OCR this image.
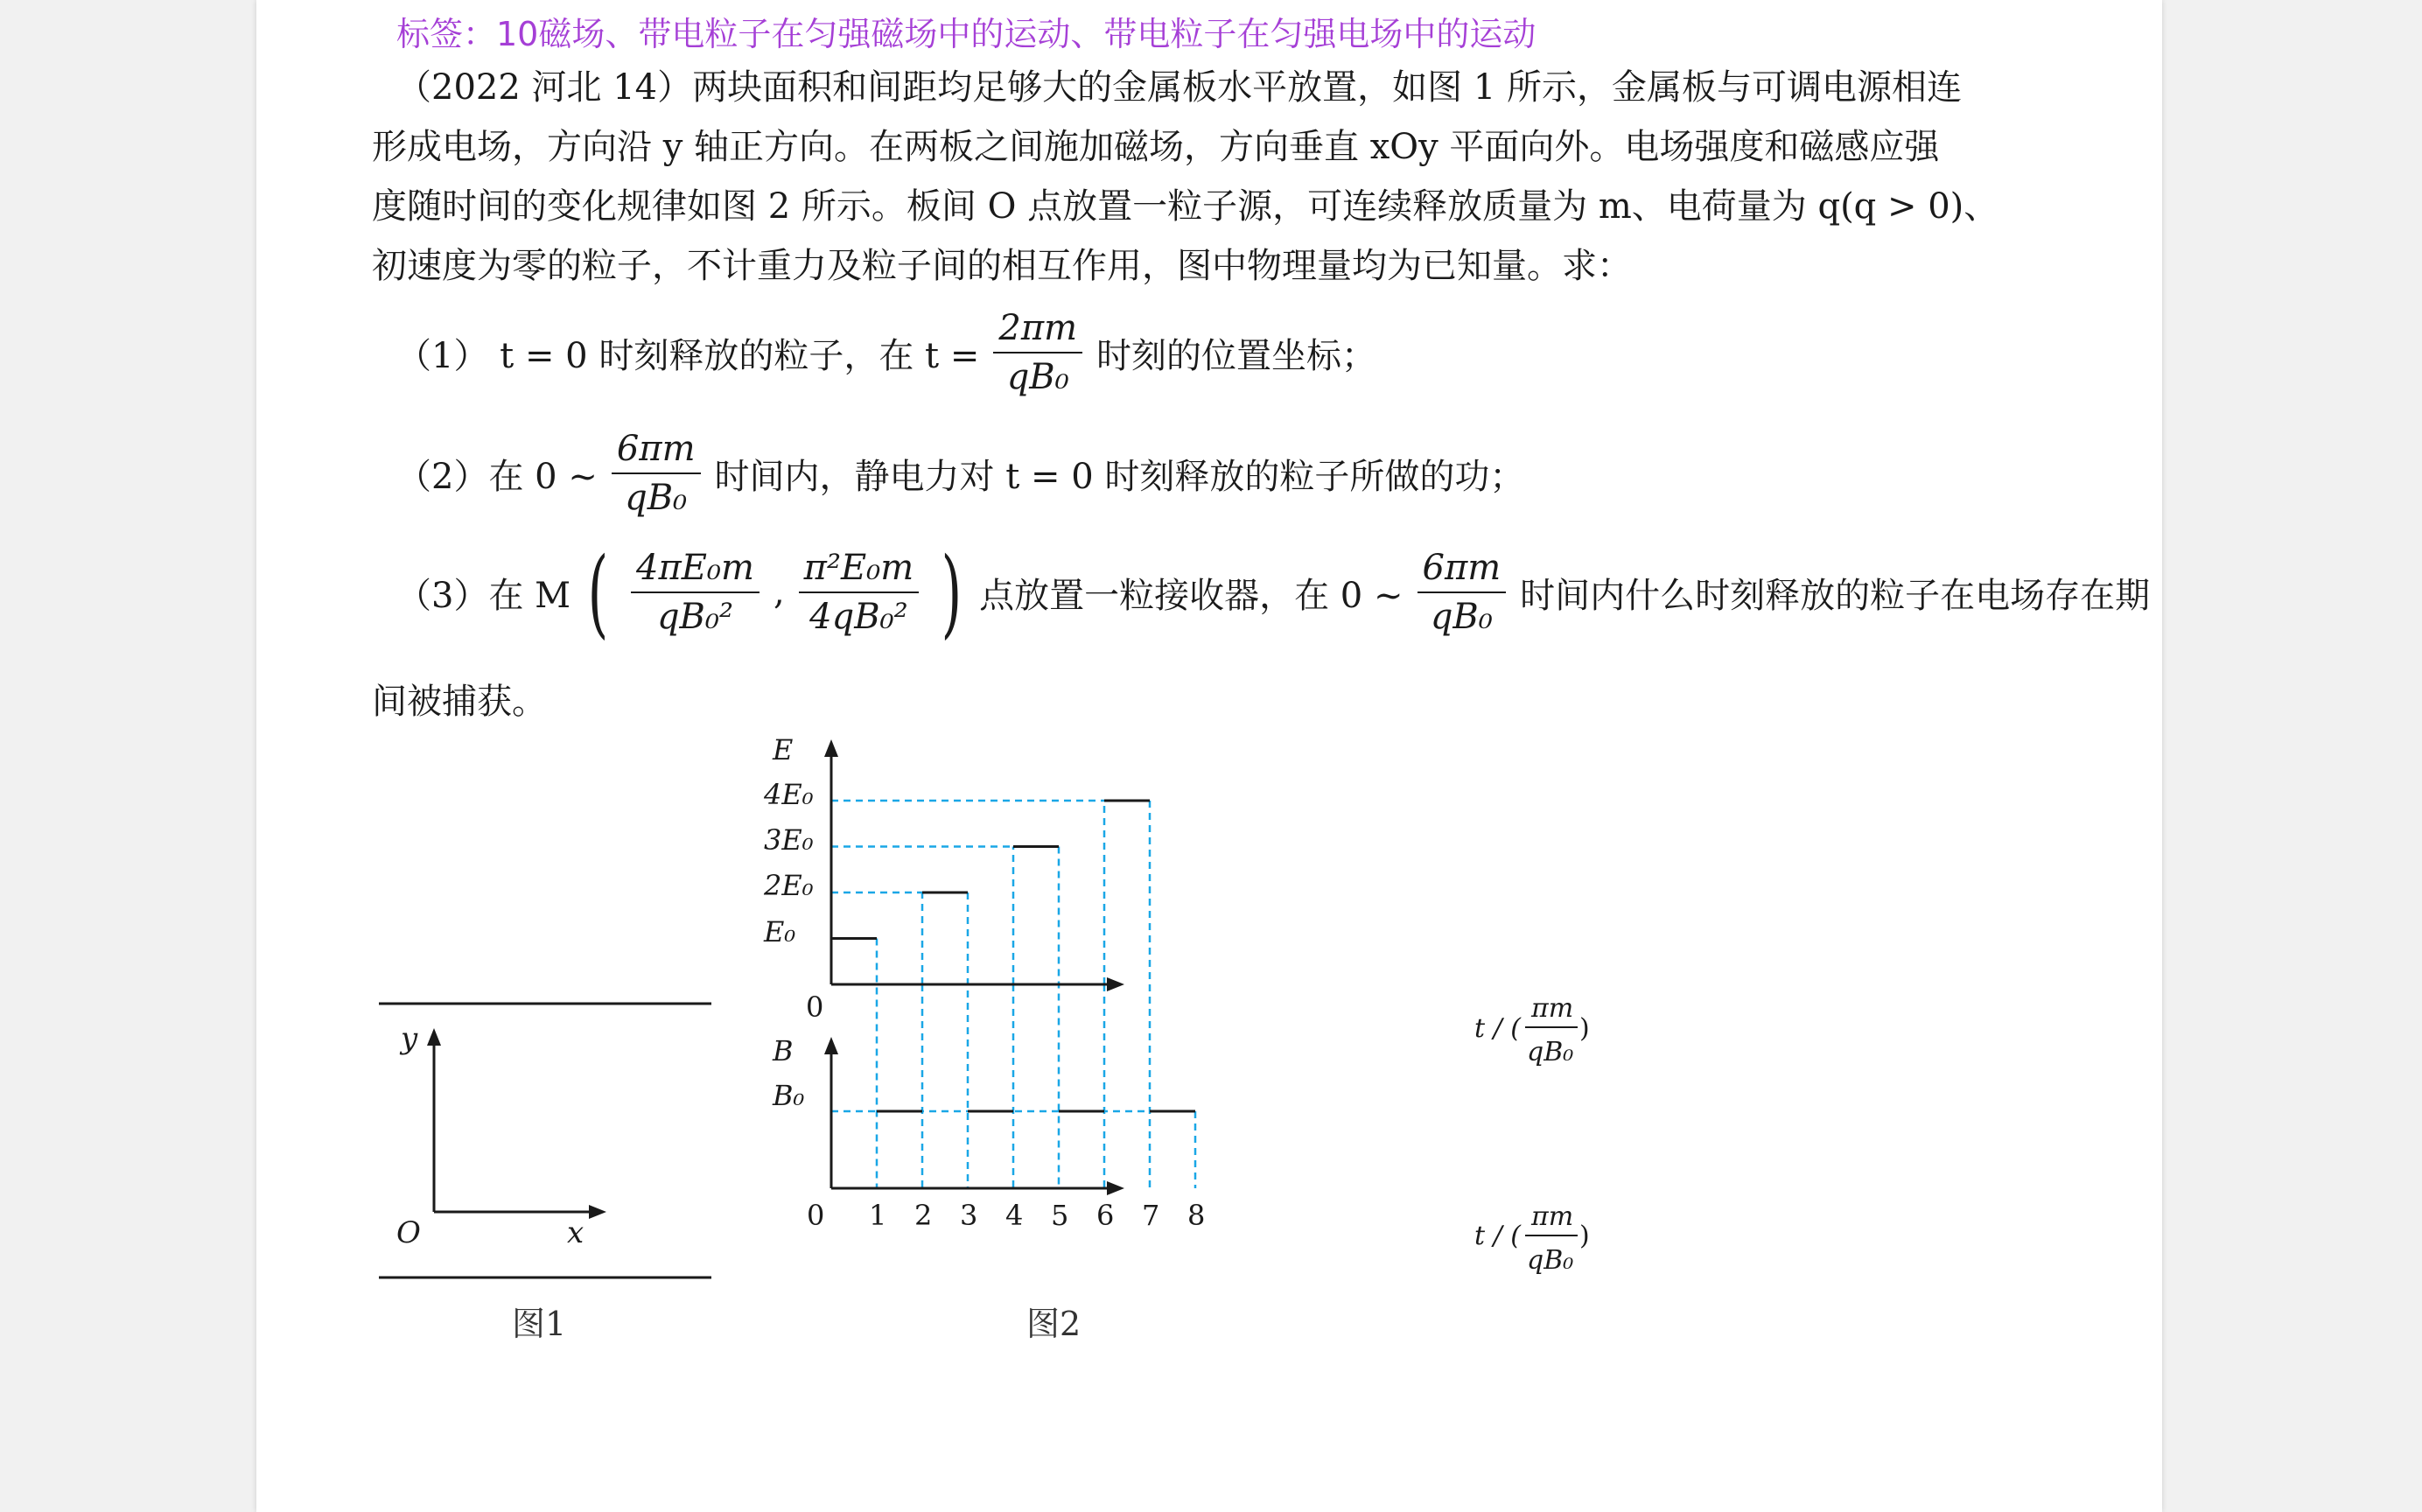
标签：10磁场、带电粒子在匀强磁场中的运动、带电粒子在匀强电场中的运动
（2022 河北 14）两块面积和间距均足够大的金属板水平放置，如图 1 所示，金属板与可调电源相连
形成电场，方向沿 y 轴正方向。在两板之间施加磁场，方向垂直 xOy 平面向外。电场强度和磁感应强
度随时间的变化规律如图 2 所示。板间 O 点放置一粒子源，可连续释放质量为 m、电荷量为 q(q > 0)、
初速度为零的粒子，不计重力及粒子间的相互作用，图中物理量均为已知量。求：
（1） t = 0 时刻释放的粒子，在 $t = \frac{2\pi m}{\text{qB₀}}$ 时刻的位置坐标；
（2）在 0 ~ $\frac{6\pi m}{\text{qB₀}}$ 时间内，静电力对 t = 0 时刻释放的粒子所做的功；
（3）在 M ( $\frac{\text{4πE₀m}}{\text{qB₀²}}$ , $\frac{\text{π²E₀m}}{\text{4qB₀²}}$ ) 点放置一粒接收器，在 0 ~ $\frac{6\pi m}{\text{qB₀}}$ 时间内什么时刻释放的粒子在电场存在期
间被捕获。
y
x
O
图1
E
B
E₀
2E₀
3E₀
4E₀
B₀
0
0 1 2 3 4 5 6 7 8
t / (
πm
qB₀
)
t / (
πm
qB₀
)
图2
